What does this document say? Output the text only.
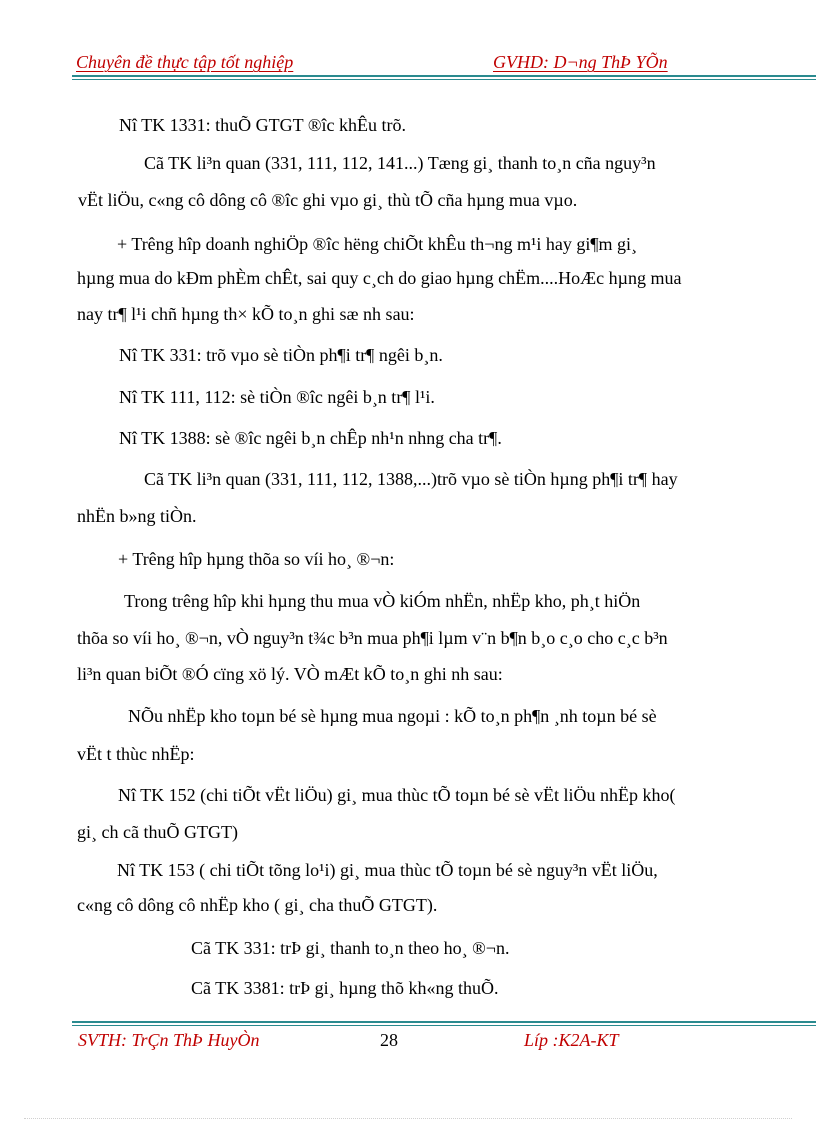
Chuyên đề thực tập tốt nghiệp	GVHD: D¬ng ThÞ YÕn
Nî TK 1331: thuÕ GTGT ®îc khÊu trõ.
Cã TK li³n quan (331, 111, 112, 141...) Tæng gi¸ thanh to¸n cña nguy³n
vËt liÖu, c«ng cô dông cô ®îc ghi vµo gi¸ thù tÕ cña hµng mua vµo.
+ Trêng hîp doanh nghiÖp ®îc hëng chiÕt khÊu th¬ng m¹i hay gi¶m gi¸
hµng mua do kÐm phÈm chÊt, sai quy c¸ch do giao hµng chËm....HoÆc hµng mua
nay tr¶ l¹i chñ hµng th× kÕ to¸n ghi sæ nh sau:
Nî TK 331: trõ vµo sè tiÒn ph¶i tr¶ ngêi b¸n.
Nî TK 111, 112: sè tiÒn ®îc ngêi b¸n tr¶ l¹i.
Nî TK 1388: sè ®îc ngêi b¸n chÊp nh¹n nhng cha tr¶.
Cã TK li³n quan (331, 111, 112, 1388,...)trõ vµo sè tiÒn hµng ph¶i tr¶ hay
nhËn b»ng tiÒn.
+ Trêng hîp hµng thõa so víi ho¸ ®¬n:
Trong trêng hîp khi hµng thu mua vÒ kiÓm nhËn, nhËp kho, ph¸t hiÖn
thõa so víi ho¸ ®¬n, vÒ nguy³n t¾c b³n mua ph¶i lµm v¨n b¶n b¸o c¸o cho c¸c b³n
li³n quan biÕt ®Ó cïng xö lý. VÒ mÆt kÕ to¸n ghi nh sau:
NÕu nhËp kho toµn bé sè hµng mua ngoµi : kÕ to¸n ph¶n ¸nh toµn bé sè
vËt t thùc nhËp:
Nî TK 152 (chi tiÕt vËt liÖu) gi¸ mua thùc tÕ toµn bé sè vËt liÖu nhËp kho(
gi¸ ch cã thuÕ GTGT)
Nî TK 153 ( chi tiÕt tõng lo¹i) gi¸ mua thùc tÕ toµn bé sè nguy³n vËt liÖu,
c«ng cô dông cô nhËp kho ( gi¸ cha thuÕ GTGT).
Cã TK 331: trÞ gi¸ thanh to¸n theo ho¸ ®¬n.
Cã TK 3381: trÞ gi¸ hµng thõ kh«ng thuÕ.
SVTH: TrÇn ThÞ HuyÒn	28	Líp :K2A-KT
